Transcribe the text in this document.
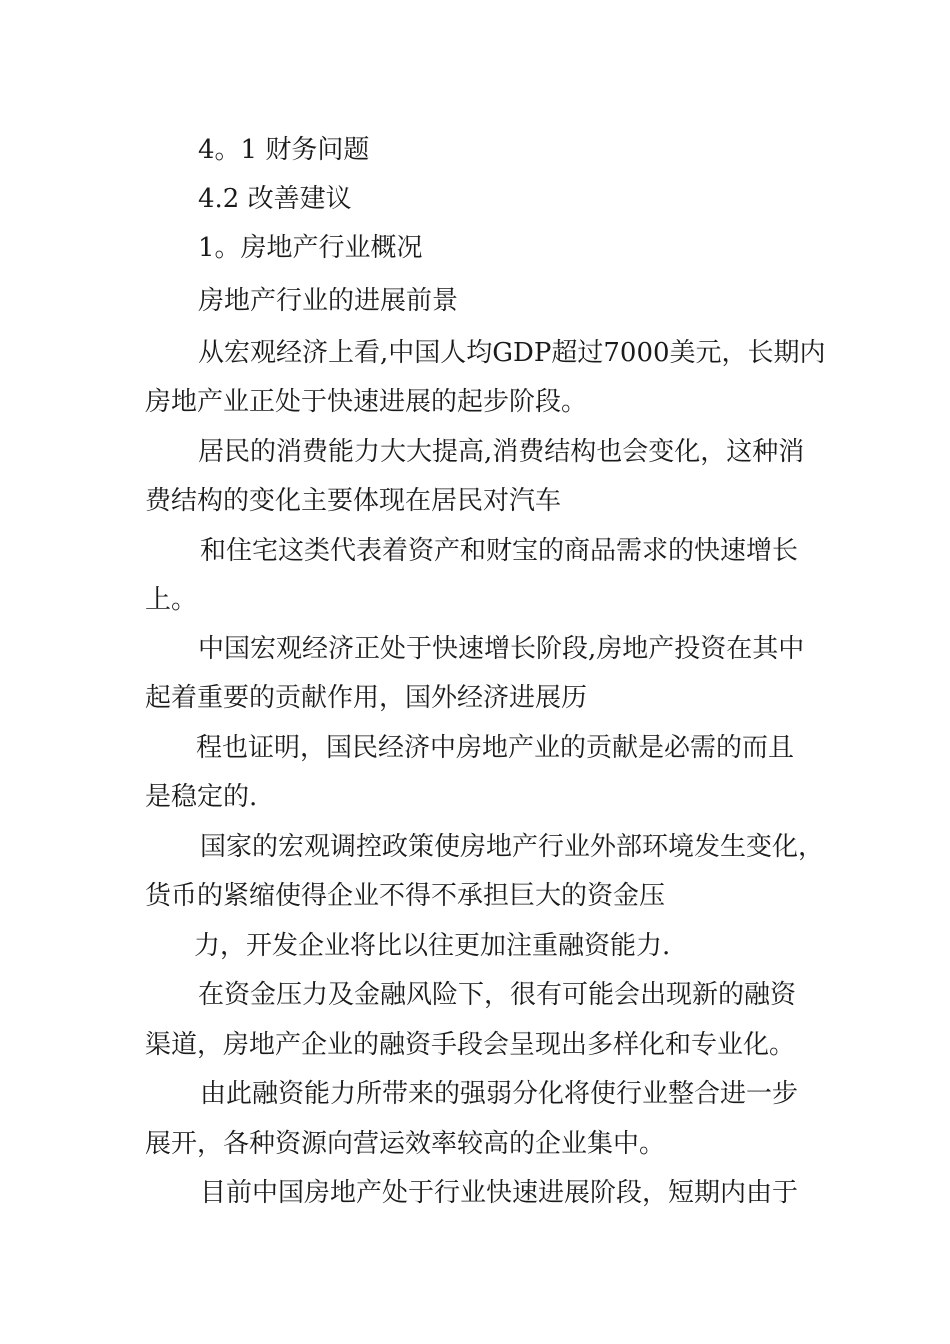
4。1 财务问题
4.2 改善建议
1。房地产行业概况
房地产行业的进展前景
从宏观经济上看,中国人均GDP超过7000美元，长期内
房地产业正处于快速进展的起步阶段。
居民的消费能力大大提高,消费结构也会变化，这种消
费结构的变化主要体现在居民对汽车
和住宅这类代表着资产和财宝的商品需求的快速增长
上。
中国宏观经济正处于快速增长阶段,房地产投资在其中
起着重要的贡献作用，国外经济进展历
程也证明，国民经济中房地产业的贡献是必需的而且
是稳定的.
国家的宏观调控政策使房地产行业外部环境发生变化，
货币的紧缩使得企业不得不承担巨大的资金压
力，开发企业将比以往更加注重融资能力.
在资金压力及金融风险下，很有可能会出现新的融资
渠道，房地产企业的融资手段会呈现出多样化和专业化。
由此融资能力所带来的强弱分化将使行业整合进一步
展开，各种资源向营运效率较高的企业集中。
目前中国房地产处于行业快速进展阶段，短期内由于
